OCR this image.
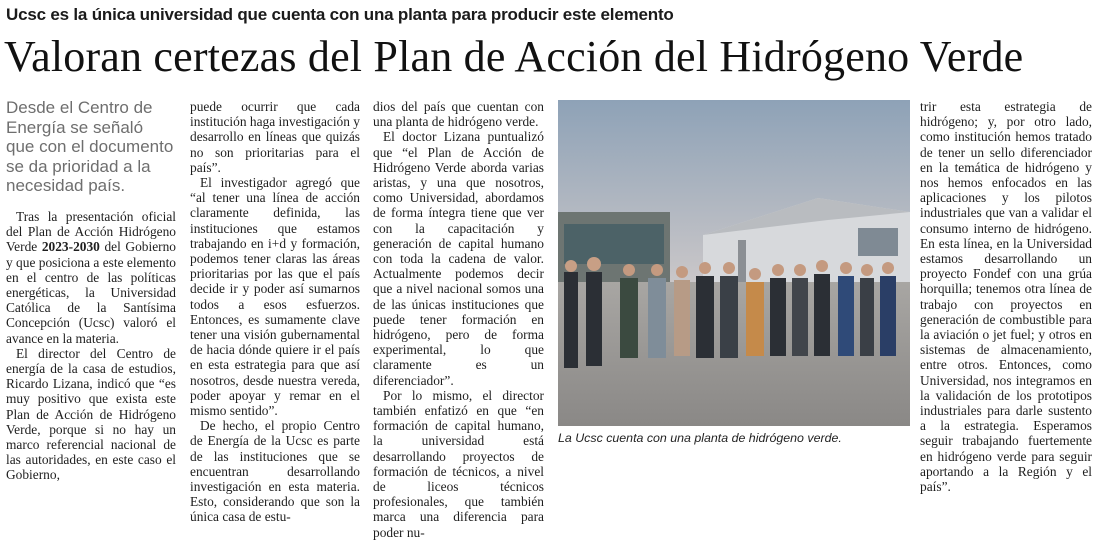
Ucsc es la única universidad que cuenta con una planta para producir este elemento
Valoran certezas del Plan de Acción del Hidrógeno Verde
Desde el Centro de Energía se señaló que con el documento se da prioridad a la necesidad país.

Tras la presentación oficial del Plan de Acción Hidrógeno Verde 2023-2030 del Gobierno y que posiciona a este elemento en el centro de las políticas energéticas, la Universidad Católica de la Santísima Concepción (Ucsc) valoró el avance en la materia.

El director del Centro de energía de la casa de estudios, Ricardo Lizana, indicó que “es muy positivo que exista este Plan de Acción de Hidrógeno Verde, porque si no hay un marco referencial nacional de las autoridades, en este caso el Gobierno,

puede ocurrir que cada institución haga investigación y desarrollo en líneas que quizás no son prioritarias para el país”.

El investigador agregó que “al tener una línea de acción claramente definida, las instituciones que estamos trabajando en i+d y formación, podemos tener claras las áreas prioritarias por las que el país decide ir y poder así sumarnos todos a esos esfuerzos. Entonces, es sumamente clave tener una visión gubernamental de hacia dónde quiere ir el país en esta estrategia para que así nosotros, desde nuestra vereda, poder apoyar y remar en el mismo sentido”.

De hecho, el propio Centro de Energía de la Ucsc es parte de las instituciones que se encuentran desarrollando investigación en esta materia. Esto, considerando que son la única casa de estu-

dios del país que cuentan con una planta de hidrógeno verde.

El doctor Lizana puntualizó que “el Plan de Acción de Hidrógeno Verde aborda varias aristas, y una que nosotros, como Universidad, abordamos de forma íntegra tiene que ver con la capacitación y generación de capital humano con toda la cadena de valor. Actualmente podemos decir que a nivel nacional somos una de las únicas instituciones que puede tener formación en hidrógeno, pero de forma experimental, lo que claramente es un diferenciador”.

Por lo mismo, el director también enfatizó en que “en formación de capital humano, la universidad está desarrollando proyectos de formación de técnicos, a nivel de liceos técnicos profesionales, que también marca una diferencia para poder nu-

La Ucsc cuenta con una planta de hidrógeno verde.

trir esta estrategia de hidrógeno; y, por otro lado, como institución hemos tratado de tener un sello diferenciador en la temática de hidrógeno y nos hemos enfocados en las aplicaciones y los pilotos industriales que van a validar el consumo interno de hidrógeno. En esta línea, en la Universidad estamos desarrollando un proyecto Fondef con una grúa horquilla; tenemos otra línea de trabajo con proyectos en generación de combustible para la aviación o jet fuel; y otros en sistemas de almacenamiento, entre otros. Entonces, como Universidad, nos integramos en la validación de los prototipos industriales para darle sustento a la estrategia. Esperamos seguir trabajando fuertemente en hidrógeno verde para seguir aportando a la Región y el país”.
